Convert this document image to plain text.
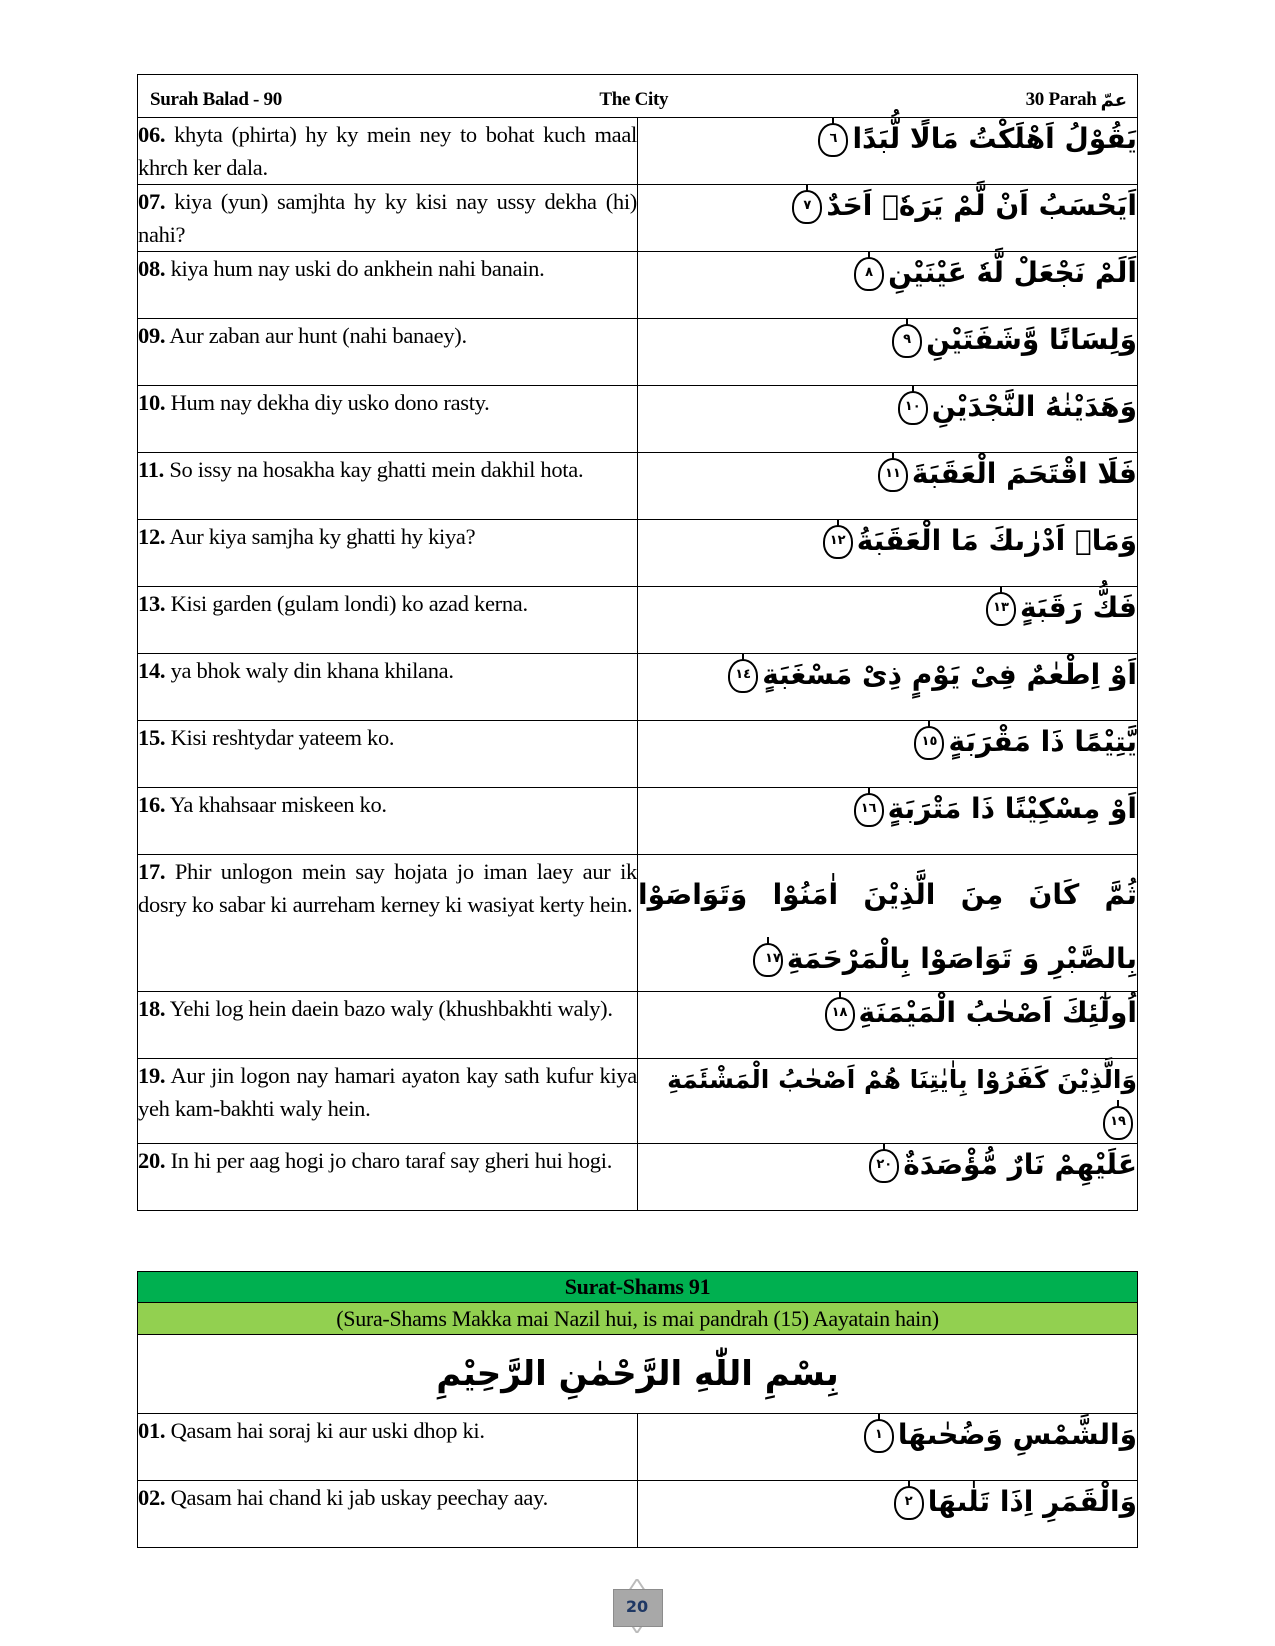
Surah Balad - 90 The City 30 Parah عمّ	

06. khyta (phirta) hy ky mein ney to bohat kuch maal khrch ker dala.	يَقُوْلُ اَهْلَكْتُ مَالًا لُّبَدًا٦
07. kiya (yun) samjhta hy ky kisi nay ussy dekha (hi) nahi?	اَيَحْسَبُ اَنْ لَّمْ يَرَهٗۤ اَحَدٌ٧
08. kiya hum nay uski do ankhein nahi banain.	اَلَمْ نَجْعَلْ لَّهٗ عَيْنَيْنِ٨
09. Aur zaban aur hunt (nahi banaey).	وَلِسَانًا وَّشَفَتَيْنِ٩
10. Hum nay dekha diy usko dono rasty.	وَهَدَيْنٰهُ النَّجْدَيْنِ١٠
11. So issy na hosakha kay ghatti mein dakhil hota.	فَلَا اقْتَحَمَ الْعَقَبَةَ١١
12. Aur kiya samjha ky ghatti hy kiya?	وَمَاۤ اَدْرٰىكَ مَا الْعَقَبَةُ١٢
13. Kisi garden (gulam londi) ko azad kerna.	فَكُّ رَقَبَةٍ١٣
14. ya bhok waly din khana khilana.	اَوْ اِطْعٰمٌ فِیْ يَوْمٍ ذِیْ مَسْغَبَةٍ١٤
15. Kisi reshtydar yateem ko.	يَّتِيْمًا ذَا مَقْرَبَةٍ١٥
16. Ya khahsaar miskeen ko.	اَوْ مِسْكِيْنًا ذَا مَتْرَبَةٍ١٦
17. Phir unlogon mein say hojata jo iman laey aur ik dosry ko sabar ki aurreham kerney ki wasiyat kerty hein.	ثُمَّ كَانَ مِنَ الَّذِيْنَ اٰمَنُوْا وَتَوَاصَوْا بِالصَّبْرِ وَ تَوَاصَوْا بِالْمَرْحَمَةِ١٧
18. Yehi log hein daein bazo waly (khushbakhti waly).	اُولٰٓئِكَ اَصْحٰبُ الْمَيْمَنَةِ١٨
19. Aur jin logon nay hamari ayaton kay sath kufur kiya yeh kam-bakhti waly hein.	وَالَّذِيْنَ كَفَرُوْا بِاٰيٰتِنَا هُمْ اَصْحٰبُ الْمَشْئَمَةِ١٩
20. In hi per aag hogi jo charo taraf say gheri hui hogi.	عَلَيْهِمْ نَارٌ مُّؤْصَدَةٌ٢٠
Surat-Shams 91	
(Sura-Shams Makka mai Nazil hui, is mai pandrah (15) Aayatain hain)	
بِسْمِ اللّٰهِ الرَّحْمٰنِ الرَّحِيْمِ	
01. Qasam hai soraj ki aur uski dhop ki.	وَالشَّمْسِ وَضُحٰىهَا١
02. Qasam hai chand ki jab uskay peechay aay.	وَالْقَمَرِ اِذَا تَلٰىهَا٢
20
